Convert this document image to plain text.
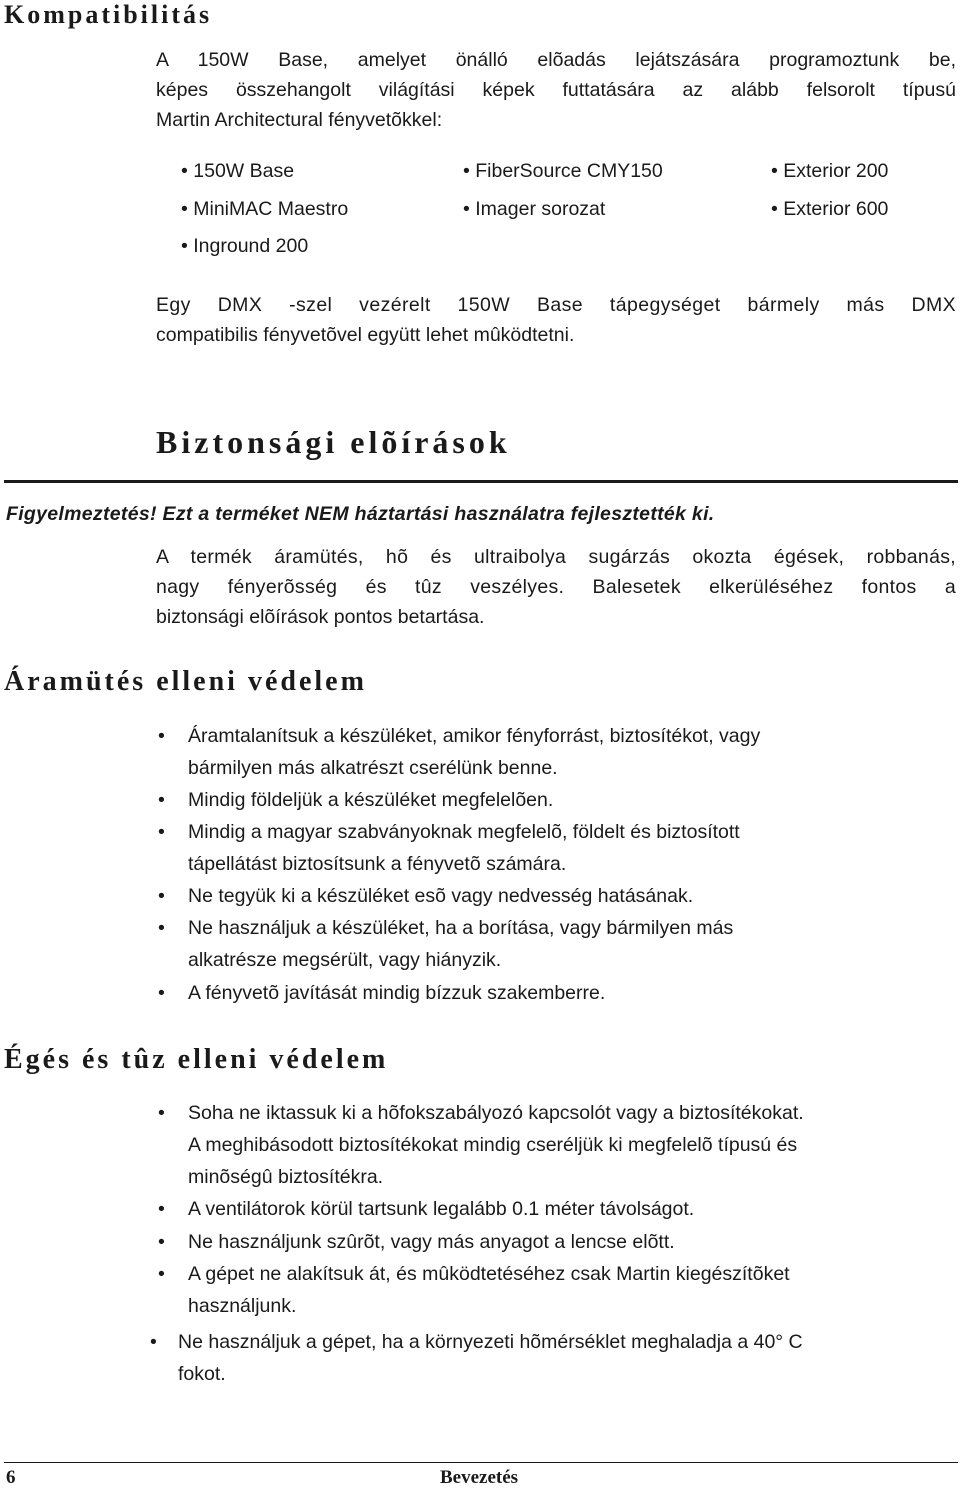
Kompatibilitás
A 150W Base, amelyet önálló elõadás lejátszására programoztunk be,
képes összehangolt világítási képek futtatására az alább felsorolt típusú
Martin Architectural fényvetõkkel:
• 150W Base	• FiberSource CMY150	• Exterior 200
• MiniMAC Maestro	• Imager sorozat	• Exterior 600
• Inground 200
Egy DMX -szel vezérelt 150W Base tápegységet bármely más DMX
compatibilis fényvetõvel együtt lehet mûködtetni.
Biztonsági elõírások
Figyelmeztetés! Ezt a terméket NEM háztartási használatra fejlesztették ki.
A termék áramütés, hõ és ultraibolya sugárzás okozta égések, robbanás,
nagy fényerõsség és tûz veszélyes. Balesetek elkerüléséhez fontos a
biztonsági elõírások pontos betartása.
Áramütés elleni védelem
• Áramtalanítsuk a készüléket, amikor fényforrást, biztosítékot, vagy
bármilyen más alkatrészt cserélünk benne.
• Mindig földeljük a készüléket megfelelõen.
• Mindig a magyar szabványoknak megfelelõ, földelt és biztosított
tápellátást biztosítsunk a fényvetõ számára.
• Ne tegyük ki a készüléket esõ vagy nedvesség hatásának.
• Ne használjuk a készüléket, ha a borítása, vagy bármilyen más
alkatrésze megsérült, vagy hiányzik.
• A fényvetõ javítását mindig bízzuk szakemberre.
Égés és tûz elleni védelem
• Soha ne iktassuk ki a hõfokszabályozó kapcsolót vagy a biztosítékokat.
A meghibásodott biztosítékokat mindig cseréljük ki megfelelõ típusú és
minõségû biztosítékra.
• A ventilátorok körül tartsunk legalább 0.1 méter távolságot.
• Ne használjunk szûrõt, vagy más anyagot a lencse elõtt.
• A gépet ne alakítsuk át, és mûködtetéséhez csak Martin kiegészítõket
használjunk.
• Ne használjuk a gépet, ha a környezeti hõmérséklet meghaladja a 40° C
fokot.
6	Bevezetés
